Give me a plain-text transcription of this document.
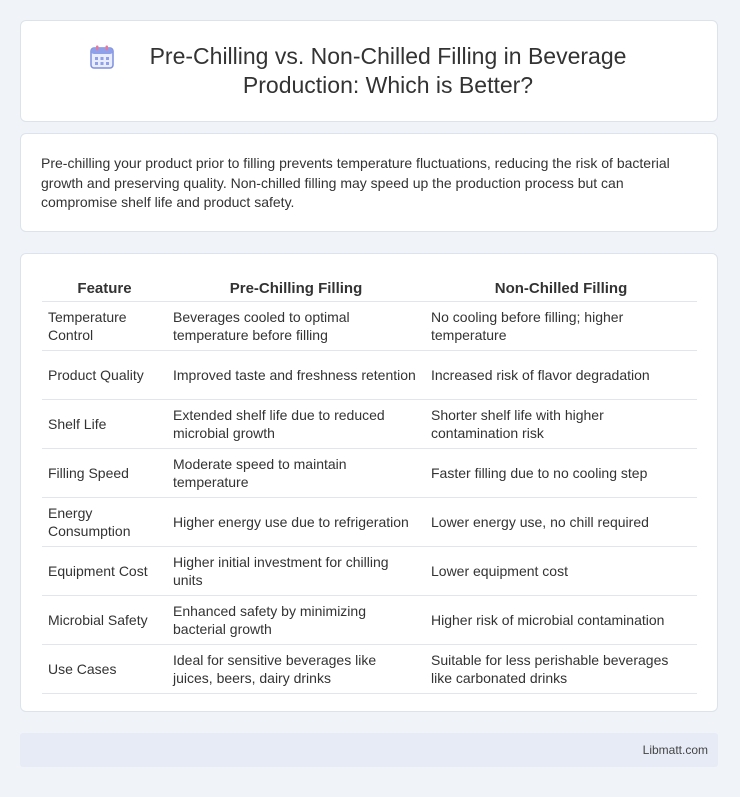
Pre-Chilling vs. Non-Chilled Filling in Beverage Production: Which is Better?

Pre-chilling your product prior to filling prevents temperature fluctuations, reducing the risk of bacterial growth and preserving quality. Non-chilled filling may speed up the production process but can compromise shelf life and product safety.

Feature	Pre-Chilling Filling	Non-Chilled Filling
Temperature Control	Beverages cooled to optimal temperature before filling	No cooling before filling; higher temperature
Product Quality	Improved taste and freshness retention	Increased risk of flavor degradation
Shelf Life	Extended shelf life due to reduced microbial growth	Shorter shelf life with higher contamination risk
Filling Speed	Moderate speed to maintain temperature	Faster filling due to no cooling step
Energy Consumption	Higher energy use due to refrigeration	Lower energy use, no chill required
Equipment Cost	Higher initial investment for chilling units	Lower equipment cost
Microbial Safety	Enhanced safety by minimizing bacterial growth	Higher risk of microbial contamination
Use Cases	Ideal for sensitive beverages like juices, beers, dairy drinks	Suitable for less perishable beverages like carbonated drinks
Libmatt.com
